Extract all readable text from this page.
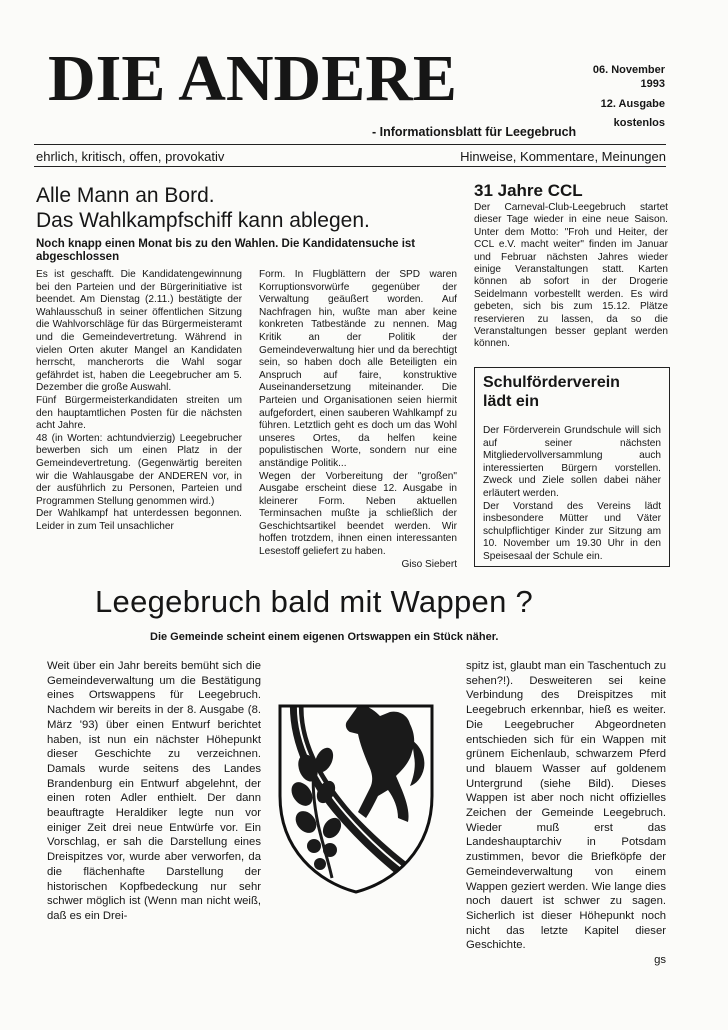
DIE ANDERE	06. November
1993
12. Ausgabe
kostenlos
- Informationsblatt für Leegebruch
ehrlich, kritisch, offen, provokativ	Hinweise, Kommentare, Meinungen
Alle Mann an Bord.
Das Wahlkampfschiff kann ablegen.
Noch knapp einen Monat bis zu den Wahlen. Die Kandidatensuche ist abgeschlossen

Es ist geschafft. Die Kandidatengewinnung bei den Parteien und der Bürgerinitiative ist beendet. Am Dienstag (2.11.) bestätigte der Wahlausschuß in seiner öffentlichen Sitzung die Wahlvorschläge für das Bürgermeisteramt und die Gemeindevertretung. Während in vielen Orten akuter Mangel an Kandidaten herrscht, mancherorts die Wahl sogar gefährdet ist, haben die Leegebrucher am 5. Dezember die große Auswahl.

Fünf Bürgermeisterkandidaten streiten um den hauptamtlichen Posten für die nächsten acht Jahre.

48 (in Worten: achtundvierzig) Leegebrucher bewerben sich um einen Platz in der Gemeindevertretung. (Gegenwärtig bereiten wir die Wahlausgabe der ANDEREN vor, in der ausführlich zu Personen, Parteien und Programmen Stellung genommen wird.)

Der Wahlkampf hat unterdessen begonnen. Leider in zum Teil unsachlicher

Form. In Flugblättern der SPD waren Korruptionsvorwürfe gegenüber der Verwaltung geäußert worden. Auf Nachfragen hin, wußte man aber keine konkreten Tatbestände zu nennen. Mag Kritik an der Politik der Gemeindeverwaltung hier und da berechtigt sein, so haben doch alle Beteiligten ein Anspruch auf faire, konstruktive Auseinandersetzung miteinander. Die Parteien und Organisationen seien hiermit aufgefordert, einen sauberen Wahlkampf zu führen. Letztlich geht es doch um das Wohl unseres Ortes, da helfen keine populistischen Worte, sondern nur eine anständige Politik...

Wegen der Vorbereitung der "großen" Ausgabe erscheint diese 12. Ausgabe in kleinerer Form. Neben aktuellen Terminsachen mußte ja schließlich der Geschichtsartikel beendet werden. Wir hoffen trotzdem, ihnen einen interessanten Lesestoff geliefert zu haben.

Giso Siebert

31 Jahre CCL
Der Carneval-Club-Leegebruch startet dieser Tage wieder in eine neue Saison. Unter dem Motto: "Froh und Heiter, der CCL e.V. macht weiter" finden im Januar und Februar nächsten Jahres wieder einige Veranstaltungen statt. Karten können ab sofort in der Drogerie Seidelmann vorbestellt werden. Es wird gebeten, sich bis zum 15.12. Plätze reservieren zu lassen, da so die Veranstaltungen besser geplant werden können.
Schulförderverein
lädt ein

Der Förderverein Grundschule will sich auf seiner nächsten Mitgliedervollversammlung auch interessierten Bürgern vorstellen. Zweck und Ziele sollen dabei näher erläutert werden.

Der Vorstand des Vereins lädt insbesondere Mütter und Väter schulpflichtiger Kinder zur Sitzung am 10. November um 19.30 Uhr in den Speisesaal der Schule ein.

Leegebruch bald mit Wappen ?
Die Gemeinde scheint einem eigenen Ortswappen ein Stück näher.

Weit über ein Jahr bereits bemüht sich die Gemeindeverwaltung um die Bestätigung eines Ortswappens für Leegebruch. Nachdem wir bereits in der 8. Ausgabe (8. März '93) über einen Entwurf berichtet haben, ist nun ein nächster Höhepunkt dieser Geschichte zu verzeichnen. Damals wurde seitens des Landes Brandenburg ein Entwurf abgelehnt, der einen roten Adler enthielt. Der dann beauftragte Heraldiker legte nun vor einiger Zeit drei neue Entwürfe vor. Ein Vorschlag, er sah die Darstellung eines Dreispitzes vor, wurde aber verworfen, da die flächenhafte Darstellung der historischen Kopfbedeckung nur sehr schwer möglich ist (Wenn man nicht weiß, daß es ein Drei-

spitz ist, glaubt man ein Taschentuch zu sehen?!). Desweiteren sei keine Verbindung des Dreispitzes mit Leegebruch erkennbar, hieß es weiter. Die Leegebrucher Abgeordneten entschieden sich für ein Wappen mit grünem Eichenlaub, schwarzem Pferd und blauem Wasser auf goldenem Untergrund (siehe Bild). Dieses Wappen ist aber noch nicht offizielles Zeichen der Gemeinde Leegebruch. Wieder muß erst das Landeshauptarchiv in Potsdam zustimmen, bevor die Briefköpfe der Gemeindeverwaltung von einem Wappen geziert werden. Wie lange dies noch dauert ist schwer zu sagen. Sicherlich ist dieser Höhepunkt noch nicht das letzte Kapitel dieser Geschichte.

gs
